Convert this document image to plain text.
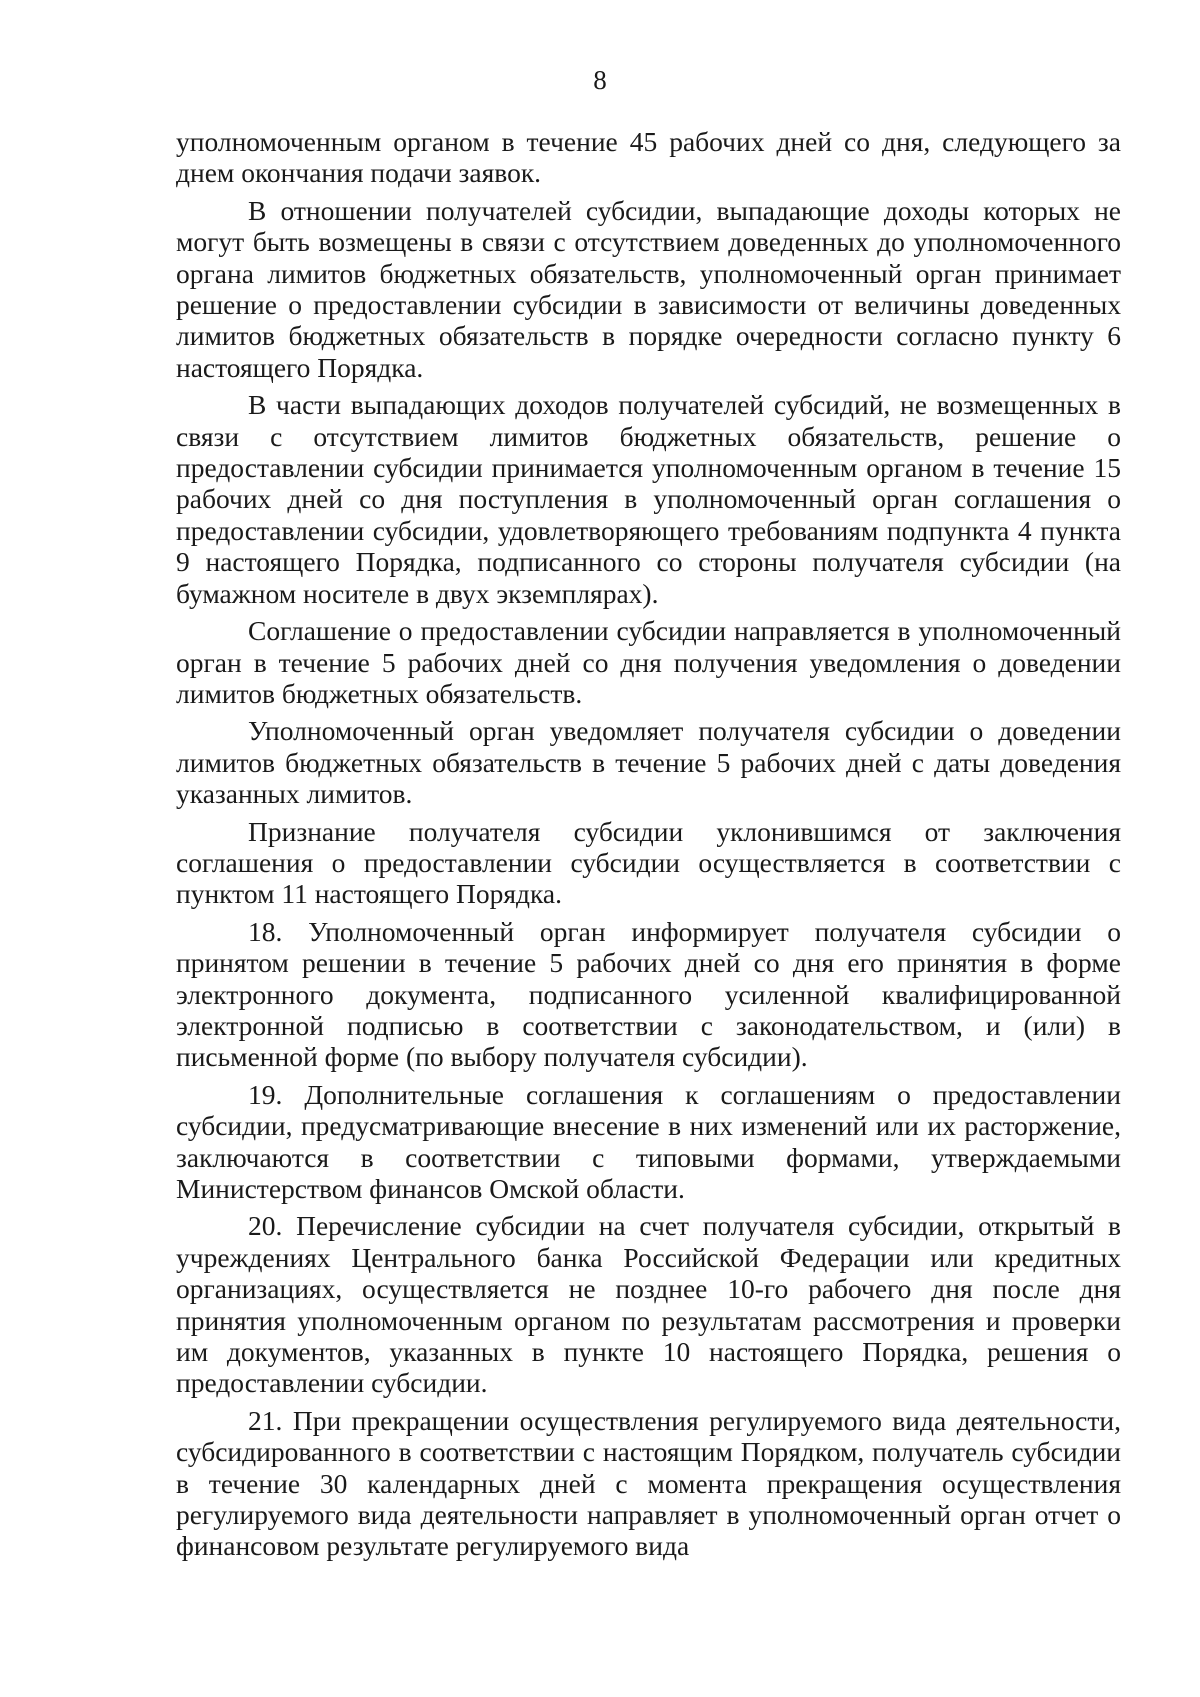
8

уполномоченным органом в течение 45 рабочих дней со дня, следующего за днем окончания подачи заявок.

В отношении получателей субсидии, выпадающие доходы которых не могут быть возмещены в связи с отсутствием доведенных до уполномоченного органа лимитов бюджетных обязательств, уполномоченный орган принимает решение о предоставлении субсидии в зависимости от величины доведенных лимитов бюджетных обязательств в порядке очередности согласно пункту 6 настоящего Порядка.

В части выпадающих доходов получателей субсидий, не возмещенных в связи с отсутствием лимитов бюджетных обязательств, решение о предоставлении субсидии принимается уполномоченным органом в течение 15 рабочих дней со дня поступления в уполномоченный орган соглашения о предоставлении субсидии, удовлетворяющего требованиям подпункта 4 пункта 9 настоящего Порядка, подписанного со стороны получателя субсидии (на бумажном носителе в двух экземплярах).

Соглашение о предоставлении субсидии направляется в уполномоченный орган в течение 5 рабочих дней со дня получения уведомления о доведении лимитов бюджетных обязательств.

Уполномоченный орган уведомляет получателя субсидии о доведении лимитов бюджетных обязательств в течение 5 рабочих дней с даты доведения указанных лимитов.

Признание получателя субсидии уклонившимся от заключения соглашения о предоставлении субсидии осуществляется в соответствии с пунктом 11 настоящего Порядка.

18. Уполномоченный орган информирует получателя субсидии о принятом решении в течение 5 рабочих дней со дня его принятия в форме электронного документа, подписанного усиленной квалифицированной электронной подписью в соответствии с законодательством, и (или) в письменной форме (по выбору получателя субсидии).

19. Дополнительные соглашения к соглашениям о предоставлении субсидии, предусматривающие внесение в них изменений или их расторжение, заключаются в соответствии с типовыми формами, утверждаемыми Министерством финансов Омской области.

20. Перечисление субсидии на счет получателя субсидии, открытый в учреждениях Центрального банка Российской Федерации или кредитных организациях, осуществляется не позднее 10-го рабочего дня после дня принятия уполномоченным органом по результатам рассмотрения и проверки им документов, указанных в пункте 10 настоящего Порядка, решения о предоставлении субсидии.

21. При прекращении осуществления регулируемого вида деятельности, субсидированного в соответствии с настоящим Порядком, получатель субсидии в течение 30 календарных дней с момента прекращения осуществления регулируемого вида деятельности направляет в уполномоченный орган отчет о финансовом результате регулируемого вида
